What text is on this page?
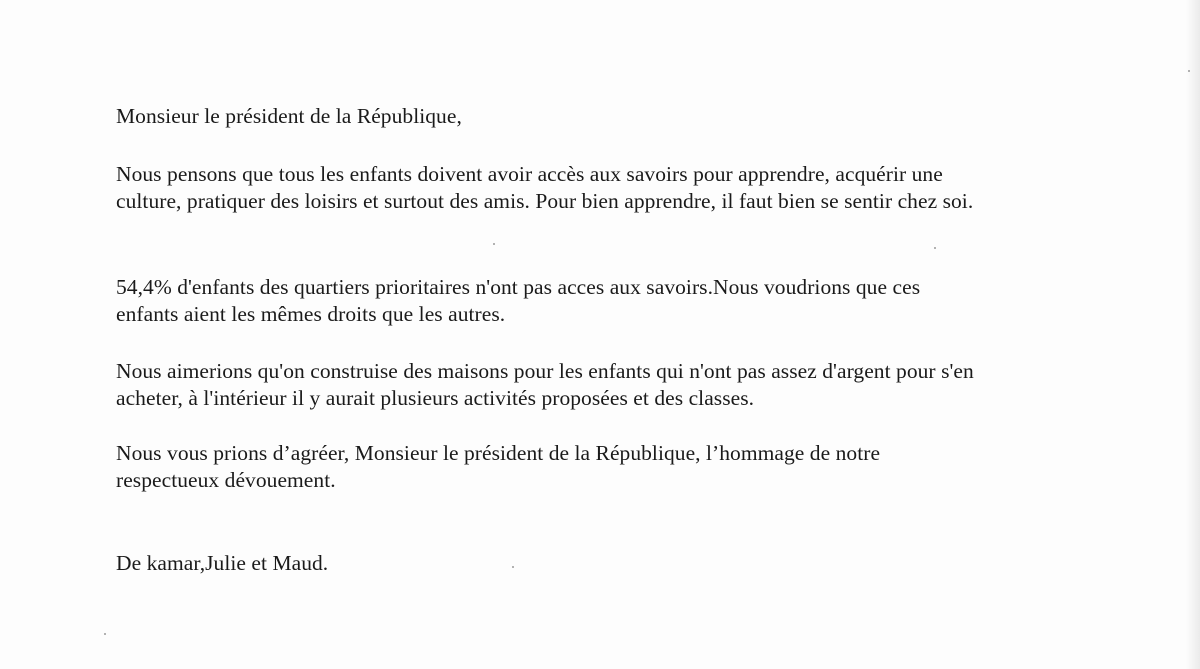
Monsieur le président de la République,

Nous pensons que tous les enfants doivent avoir accès aux savoirs pour apprendre, acquérir une
culture, pratiquer des loisirs et surtout des amis. Pour bien apprendre, il faut bien se sentir chez soi.

54,4% d'enfants des quartiers prioritaires n'ont pas acces aux savoirs.Nous voudrions que ces
enfants aient les mêmes droits que les autres.

Nous aimerions qu'on construise des maisons pour les enfants qui n'ont pas assez d'argent pour s'en
acheter, à l'intérieur il y aurait plusieurs activités proposées et des classes.

Nous vous prions d’agréer, Monsieur le président de la République, l’hommage de notre
respectueux dévouement.

De kamar,Julie et Maud.
